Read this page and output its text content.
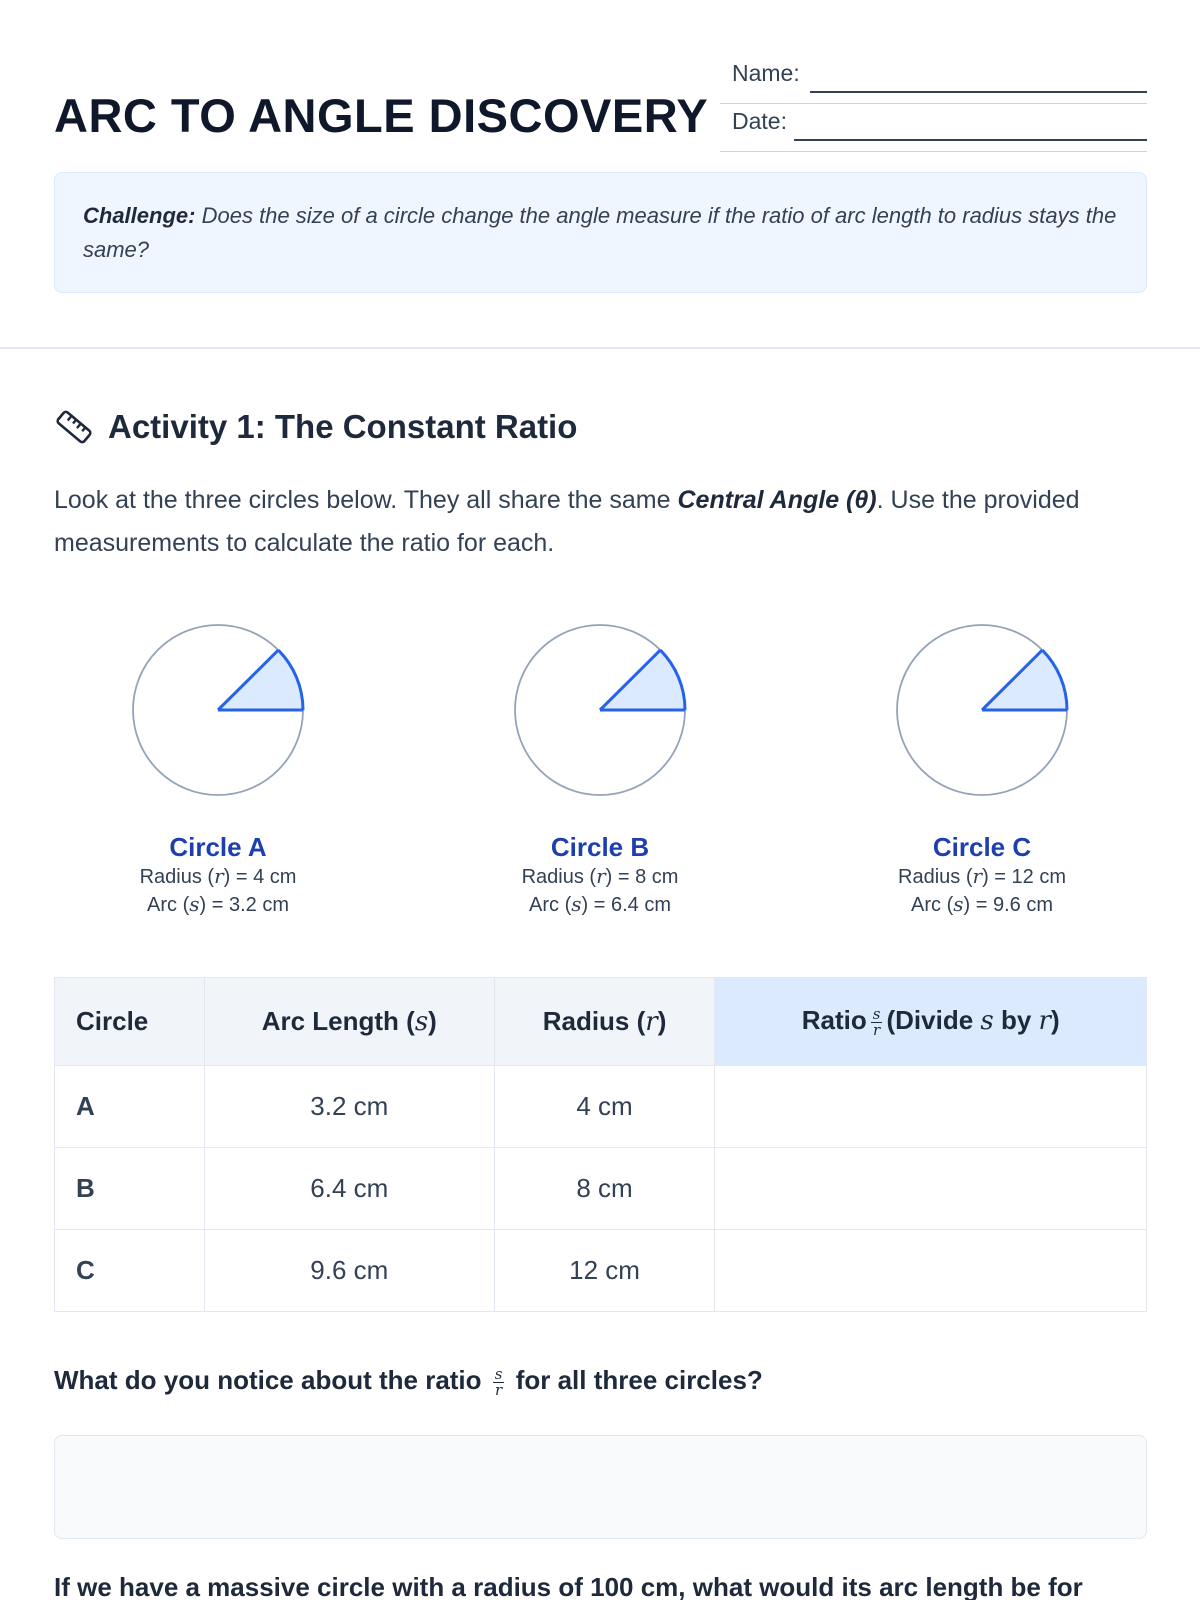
ARC TO ANGLE DISCOVERY
Name:
Date:
Challenge: Does the size of a circle change the angle measure if the ratio of arc length to radius stays the same?
Activity 1: The Constant Ratio

Look at the three circles below. They all share the same Central Angle (θ). Use the provided measurements to calculate the ratio for each.

Circle A
Radius (r) = 4 cm
Arc (s) = 3.2 cm
Circle B
Radius (r) = 8 cm
Arc (s) = 6.4 cm
Circle C
Radius (r) = 12 cm
Arc (s) = 9.6 cm
Circle	Arc Length (s)	Radius (r)	Ratio $\frac{s}{r}$ (Divide s by r)
A	3.2 cm	4 cm	
B	6.4 cm	8 cm	
C	9.6 cm	12 cm	
What do you notice about the ratio $\frac{s}{r}$ for all three circles?
If we have a massive circle with a radius of 100 cm, what would its arc length be for
